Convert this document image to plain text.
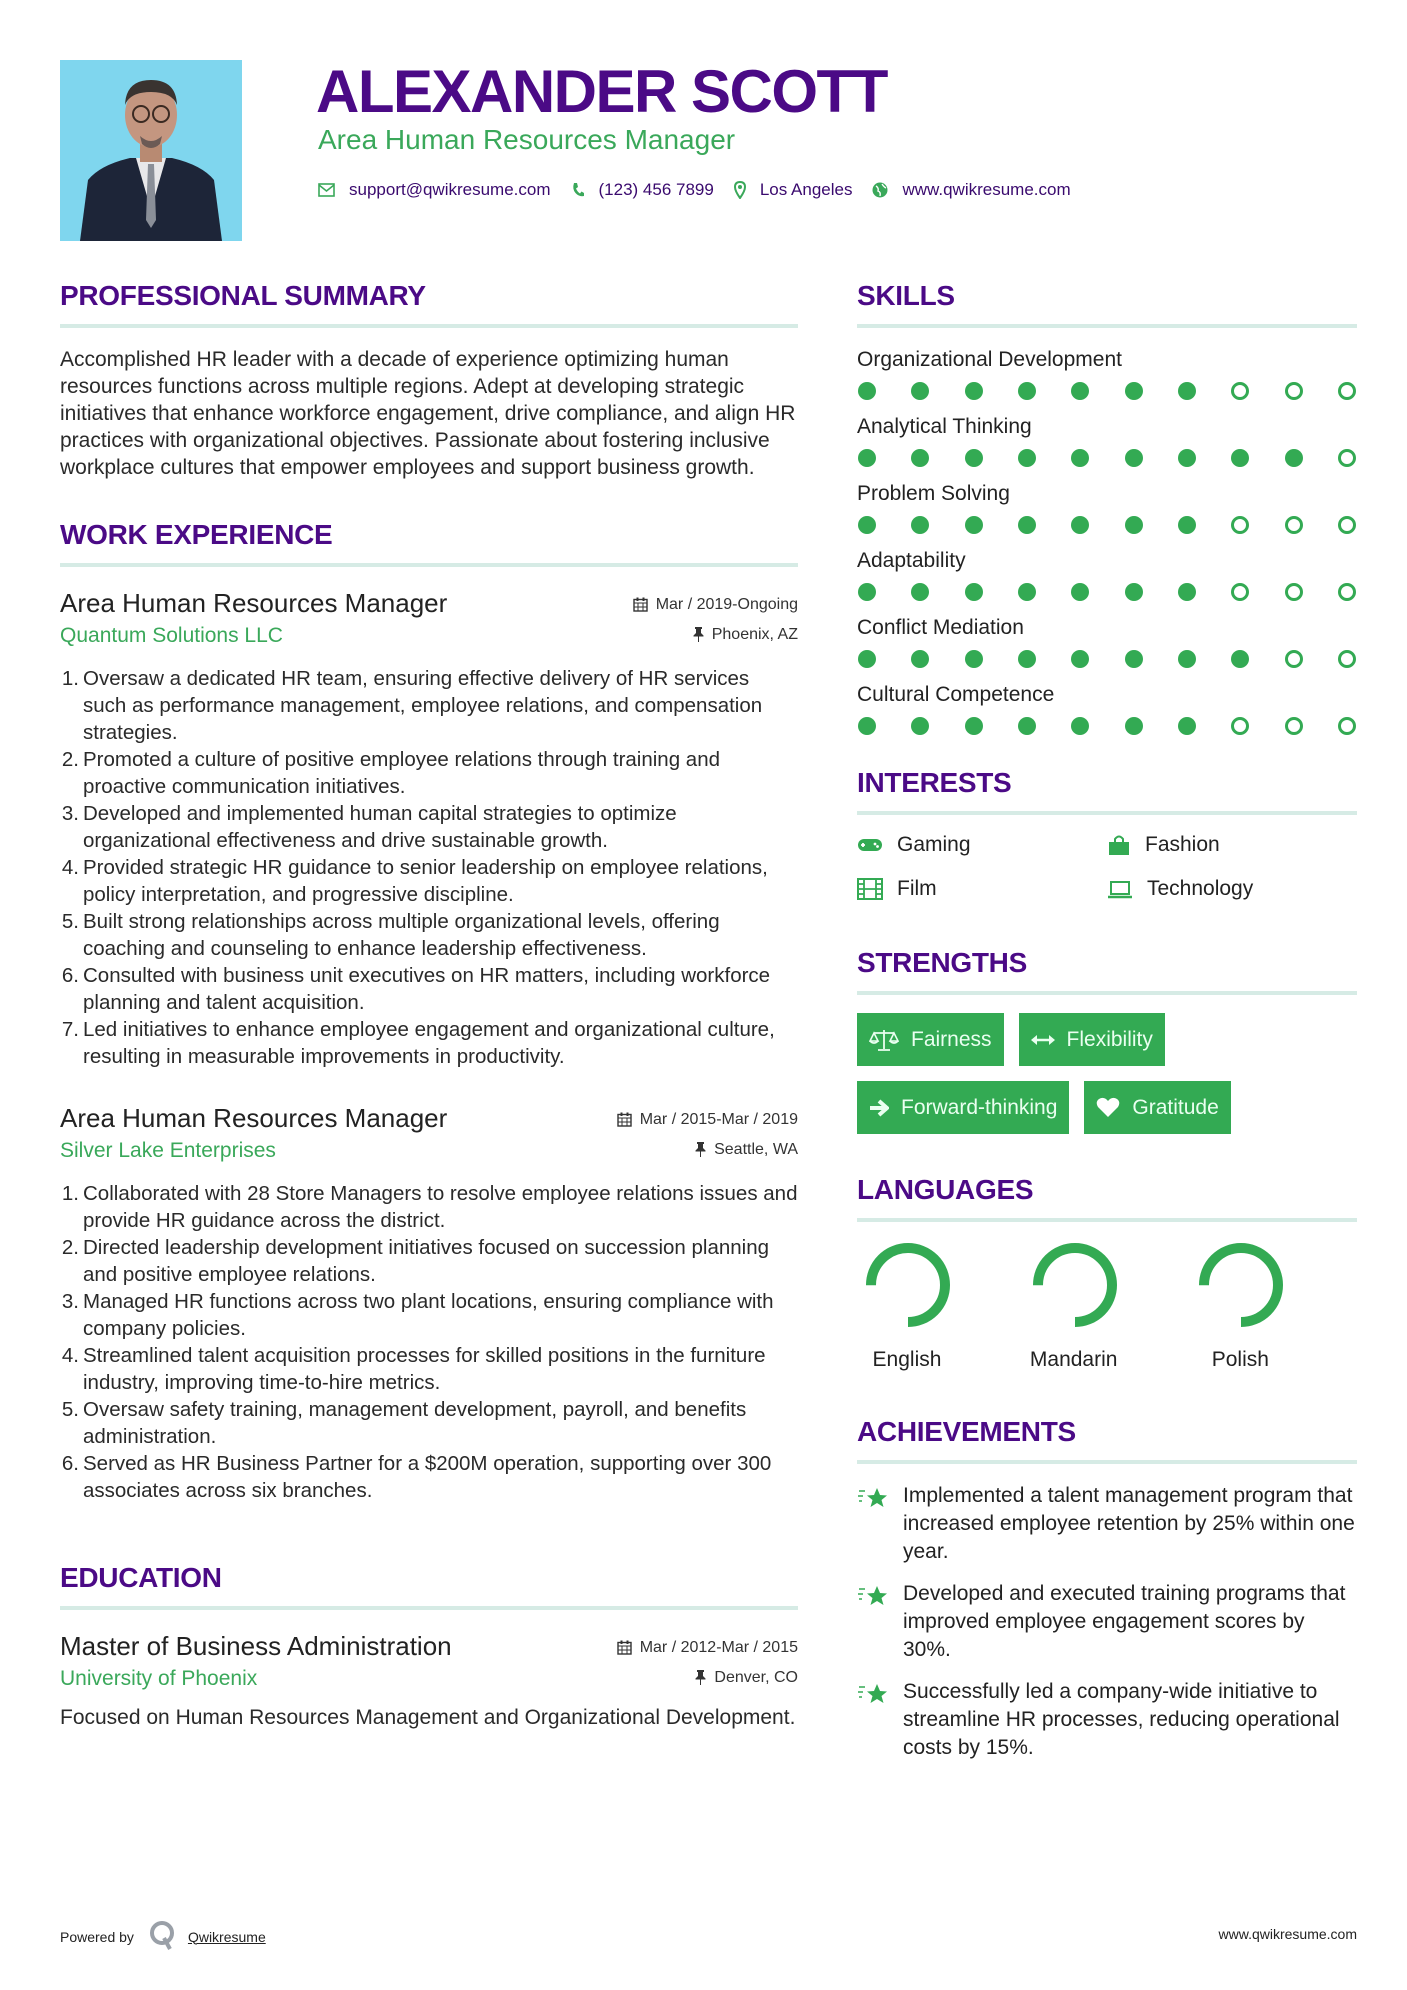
ALEXANDER SCOTT
Area Human Resources Manager
support@qwikresume.com	(123) 456 7899	Los Angeles	www.qwikresume.com
PROFESSIONAL SUMMARY

Accomplished HR leader with a decade of experience optimizing human resources functions across multiple regions. Adept at developing strategic initiatives that enhance workforce engagement, drive compliance, and align HR practices with organizational objectives. Passionate about fostering inclusive workplace cultures that empower employees and support business growth.

WORK EXPERIENCE
Area Human Resources Manager	Mar / 2019-Ongoing
Quantum Solutions LLC	Phoenix, AZ
1. Oversaw a dedicated HR team, ensuring effective delivery of HR services such as performance management, employee relations, and compensation strategies.
2. Promoted a culture of positive employee relations through training and proactive communication initiatives.
3. Developed and implemented human capital strategies to optimize organizational effectiveness and drive sustainable growth.
4. Provided strategic HR guidance to senior leadership on employee relations, policy interpretation, and progressive discipline.
5. Built strong relationships across multiple organizational levels, offering coaching and counseling to enhance leadership effectiveness.
6. Consulted with business unit executives on HR matters, including workforce planning and talent acquisition.
7. Led initiatives to enhance employee engagement and organizational culture, resulting in measurable improvements in productivity.
Area Human Resources Manager	Mar / 2015-Mar / 2019
Silver Lake Enterprises	Seattle, WA
1. Collaborated with 28 Store Managers to resolve employee relations issues and provide HR guidance across the district.
2. Directed leadership development initiatives focused on succession planning and positive employee relations.
3. Managed HR functions across two plant locations, ensuring compliance with company policies.
4. Streamlined talent acquisition processes for skilled positions in the furniture industry, improving time-to-hire metrics.
5. Oversaw safety training, management development, payroll, and benefits administration.
6. Served as HR Business Partner for a $200M operation, supporting over 300 associates across six branches.
EDUCATION
Master of Business Administration	Mar / 2012-Mar / 2015
University of Phoenix	Denver, CO

Focused on Human Resources Management and Organizational Development.

SKILLS
Organizational Development
Analytical Thinking
Problem Solving
Adaptability
Conflict Mediation
Cultural Competence
INTERESTS
Gaming	Fashion
Film	Technology
STRENGTHS
Fairness	Flexibility
Forward-thinking	Gratitude
LANGUAGES
English	Mandarin	Polish
ACHIEVEMENTS
Implemented a talent management program that increased employee retention by 25% within one year.
Developed and executed training programs that improved employee engagement scores by 30%.
Successfully led a company-wide initiative to streamline HR processes, reducing operational costs by 15%.
Powered by	Qwikresume	www.qwikresume.com
